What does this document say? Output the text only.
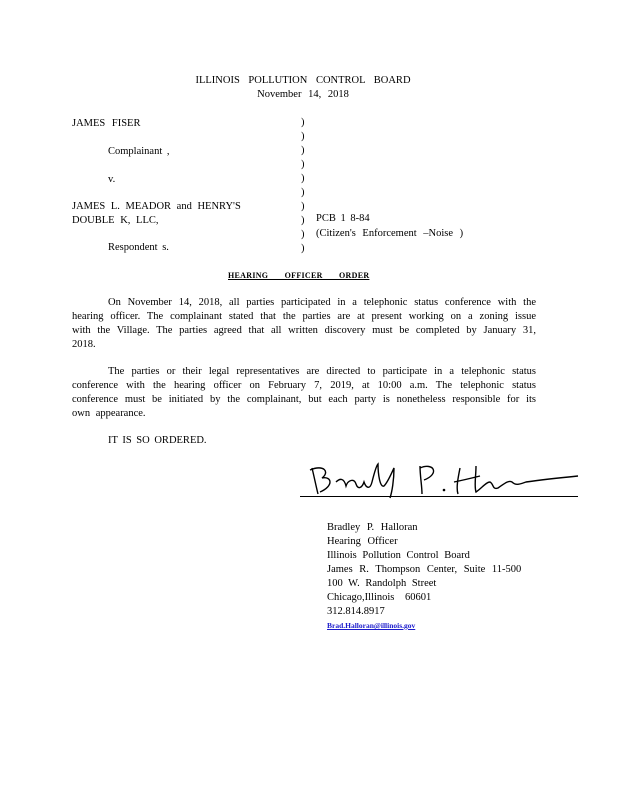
ILLINOIS POLLUTION CONTROL BOARD
November 14, 2018
JAMES FISER
Complainant ,
v.
JAMES L. MEADOR and HENRY'S
DOUBLE K, LLC,
Respondent s.
)
)
)
)
)
)
)
)
)
)
PCB 1 8-84
(Citizen's Enforcement –Noise )
HEARING OFFICER ORDER
On November 14, 2018, all parties participated in a telephonic status conference with the hearing officer. The complainant stated that the parties are at present working on a zoning issue with the Village. The parties agreed that all written discovery must be completed by January 31, 2018.
The parties or their legal representatives are directed to participate in a telephonic status conference with the hearing officer on February 7, 2019, at 10:00 a.m. The telephonic status conference must be initiated by the complainant, but each party is nonetheless responsible for its own appearance.
IT IS SO ORDERED.
Bradley P. Halloran
Hearing Officer
Illinois Pollution Control Board
James R. Thompson Center, Suite 11-500
100 W. Randolph Street
Chicago,Illinois 60601
312.814.8917
Brad.Halloran@illinois.gov
